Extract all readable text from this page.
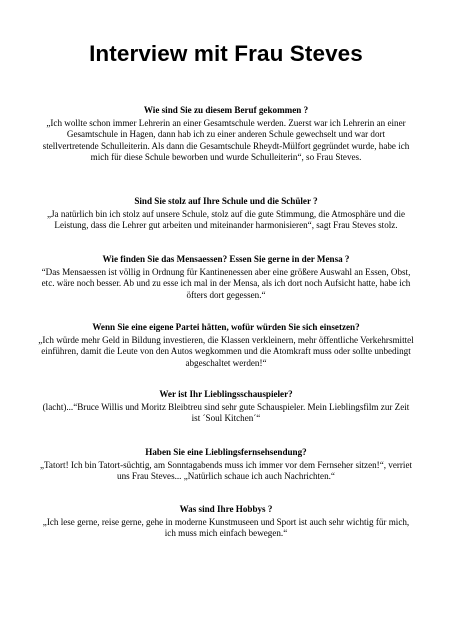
Interview mit Frau Steves

Wie sind Sie zu diesem Beruf gekommen ?

„Ich wollte schon immer Lehrerin an einer Gesamtschule werden. Zuerst war ich Lehrerin an einer Gesamtschule in Hagen, dann hab ich zu einer anderen Schule gewechselt und war dort stellvertretende Schulleiterin. Als dann die Gesamtschule Rheydt-Mülfort gegründet wurde, habe ich mich für diese Schule beworben und wurde Schulleiterin“, so Frau Steves.

Sind Sie stolz auf Ihre Schule und die Schüler ?

„Ja natürlich bin ich stolz auf unsere Schule, stolz auf die gute Stimmung, die Atmosphäre und die Leistung, dass die Lehrer gut arbeiten und miteinander harmonisieren“, sagt Frau Steves stolz.

Wie finden Sie das Mensaessen? Essen Sie gerne in der Mensa ?

“Das Mensaessen ist völlig in Ordnung für Kantinenessen aber eine größere Auswahl an Essen, Obst, etc. wäre noch besser. Ab und zu esse ich mal in der Mensa, als ich dort noch Aufsicht hatte, habe ich öfters dort gegessen.“

Wenn Sie eine eigene Partei hätten, wofür würden Sie sich einsetzen?

„Ich würde mehr Geld in Bildung investieren, die Klassen verkleinern, mehr öffentliche Verkehrsmittel einführen, damit die Leute von den Autos wegkommen und die Atomkraft muss oder sollte unbedingt abgeschaltet werden!“

Wer ist Ihr Lieblingsschauspieler?

(lacht)...“Bruce Willis und Moritz Bleibtreu sind sehr gute Schauspieler. Mein Lieblingsfilm zur Zeit ist ´Soul Kitchen´“

Haben Sie eine Lieblingsfernsehsendung?

„Tatort! Ich bin Tatort-süchtig, am Sonntagabends muss ich immer vor dem Fernseher sitzen!“, verriet uns Frau Steves... „Natürlich schaue ich auch Nachrichten.“

Was sind Ihre Hobbys ?

„Ich lese gerne, reise gerne, gehe in moderne Kunstmuseen und Sport ist auch sehr wichtig für mich, ich muss mich einfach bewegen.“
